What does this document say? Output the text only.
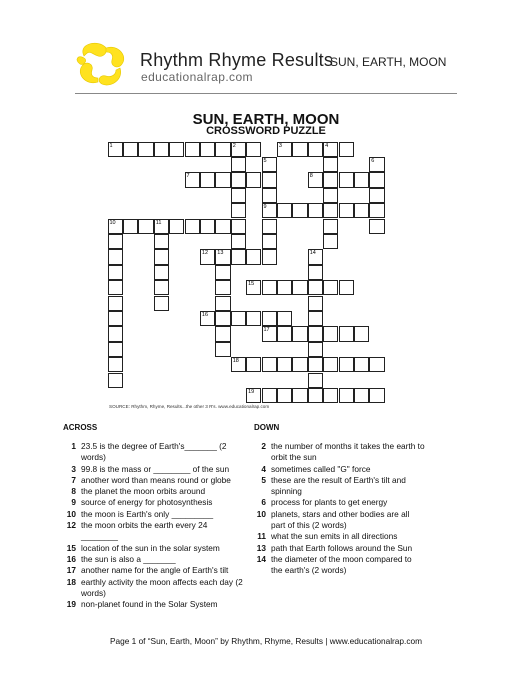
Rhythm Rhyme Results
educationalrap.com
SUN, EARTH, MOON
SUN, EARTH, MOON
CROSSWORD PUZZLE
1	2	3	4
5	6
7	8
9
10	11
12 13	14
15
16
17
18
19
SOURCE: Rhythm, Rhyme, Results...the other 3 R's. www.educationalrap.com
ACROSS	DOWN
1 23.5 is the degree of Earth's_______ (2 words)
3 99.8 is the mass or ________ of the sun
7 another word than means round or globe
8 the planet the moon orbits around
9 source of energy for photosynthesis
10 the moon is Earth's only _________
12 the moon orbits the earth every 24 ________
15 location of the sun in the solar system
16 the sun is also a _______
17 another name for the angle of Earth's tilt
18 earthly activity the moon affects each day (2 words)
19 non-planet found in the Solar System
2 the number of months it takes the earth to orbit the sun
4 sometimes called "G" force
5 these are the result of Earth's tilt and spinning
6 process for plants to get energy
10 planets, stars and other bodies are all part of this (2 words)
11 what the sun emits in all directions
13 path that Earth follows around the Sun
14 the diameter of the moon compared to the earth's (2 words)
Page 1 of “Sun, Earth, Moon” by Rhythm, Rhyme, Results | www.educationalrap.com
